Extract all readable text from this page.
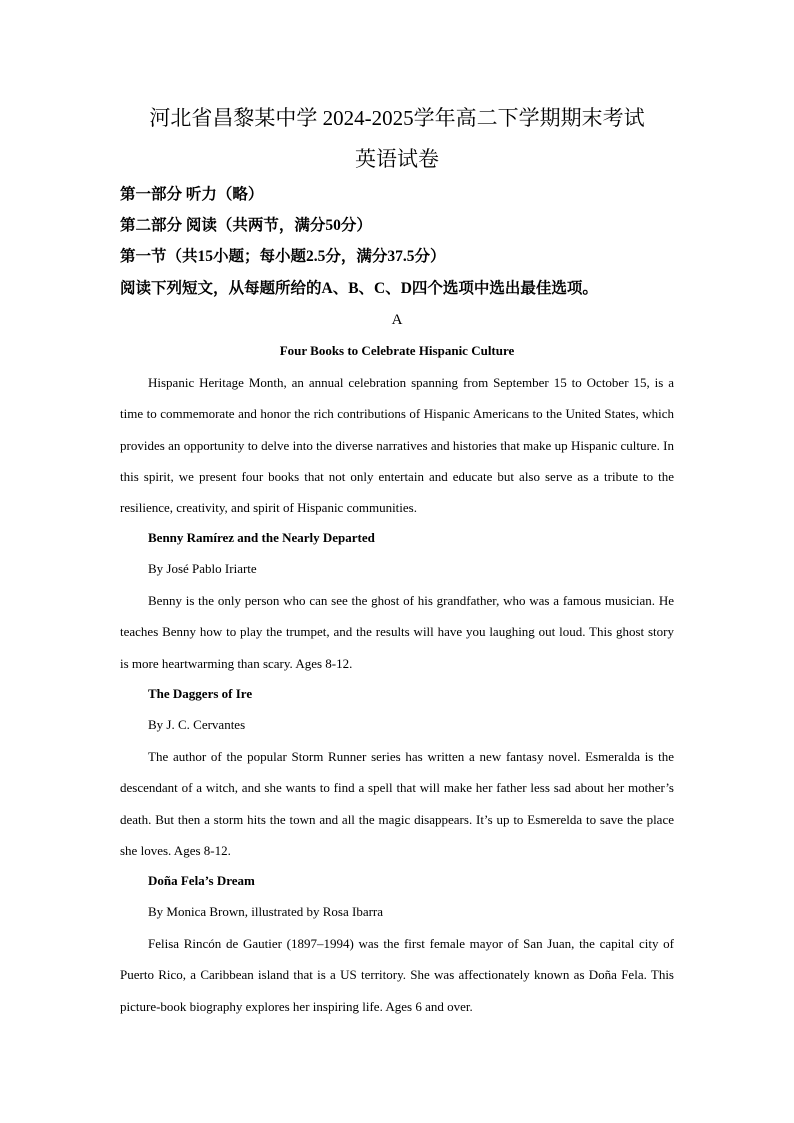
河北省昌黎某中学 2024-2025学年高二下学期期末考试
英语试卷
第一部分 听力（略）
第二部分 阅读（共两节，满分50分）
第一节（共15小题；每小题2.5分，满分37.5分）
阅读下列短文，从每题所给的A、B、C、D四个选项中选出最佳选项。
A
Four Books to Celebrate Hispanic Culture

Hispanic Heritage Month, an annual celebration spanning from September 15 to October 15, is a time to commemorate and honor the rich contributions of Hispanic Americans to the United States, which provides an opportunity to delve into the diverse narratives and histories that make up Hispanic culture. In this spirit, we present four books that not only entertain and educate but also serve as a tribute to the resilience, creativity, and spirit of Hispanic communities.

Benny Ramírez and the Nearly Departed
By José Pablo Iriarte

Benny is the only person who can see the ghost of his grandfather, who was a famous musician. He teaches Benny how to play the trumpet, and the results will have you laughing out loud. This ghost story is more heartwarming than scary. Ages 8-12.

The Daggers of Ire
By J. C. Cervantes

The author of the popular Storm Runner series has written a new fantasy novel. Esmeralda is the descendant of a witch, and she wants to find a spell that will make her father less sad about her mother’s death. But then a storm hits the town and all the magic disappears. It’s up to Esmerelda to save the place she loves. Ages 8-12.

Doña Fela’s Dream
By Monica Brown, illustrated by Rosa Ibarra

Felisa Rincón de Gautier (1897–1994) was the first female mayor of San Juan, the capital city of Puerto Rico, a Caribbean island that is a US territory. She was affectionately known as Doña Fela. This picture-book biography explores her inspiring life. Ages 6 and over.
